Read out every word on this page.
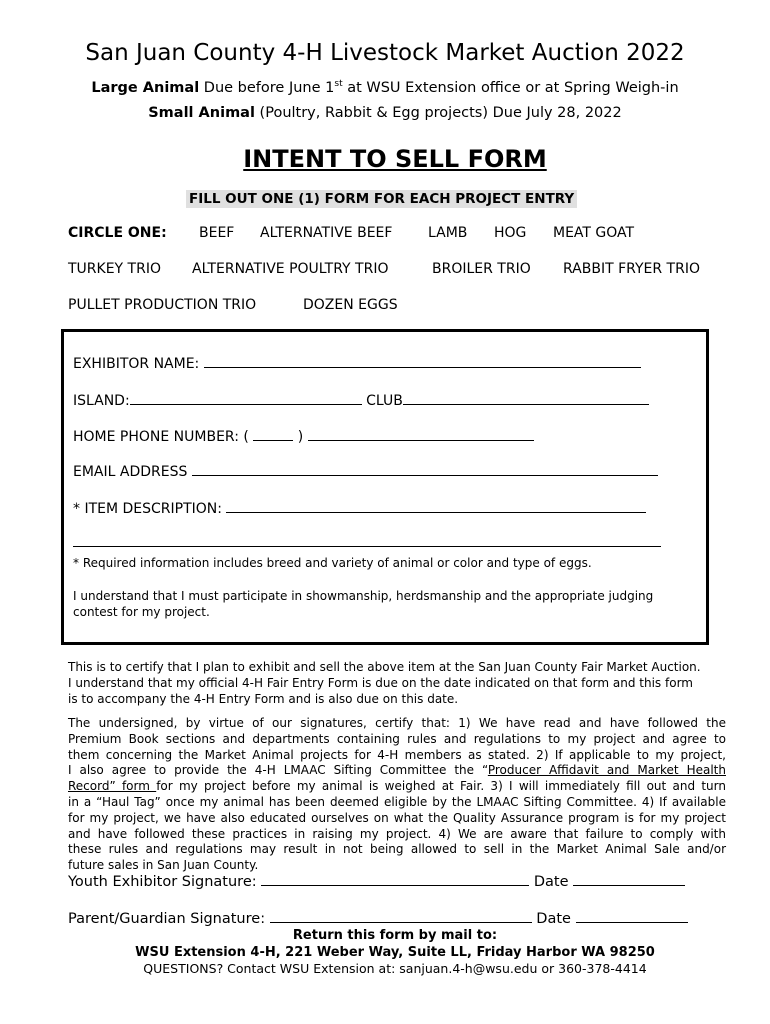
San Juan County 4-H Livestock Market Auction 2022
Large Animal Due before June 1st at WSU Extension office or at Spring Weigh-in
Small Animal (Poultry, Rabbit & Egg projects) Due July 28, 2022
INTENT TO SELL FORM
FILL OUT ONE (1) FORM FOR EACH PROJECT ENTRY
CIRCLE ONE: BEEF ALTERNATIVE BEEF	LAMB HOG MEAT GOAT
TURKEY TRIO ALTERNATIVE POULTRY TRIO	BROILER TRIO RABBIT FRYER TRIO
PULLET PRODUCTION TRIO	DOZEN EGGS
EXHIBITOR NAME:
ISLAND:	CLUB
HOME PHONE NUMBER: (	)
EMAIL ADDRESS
* ITEM DESCRIPTION:
* Required information includes breed and variety of animal or color and type of eggs.
I understand that I must participate in showmanship, herdsmanship and the appropriate judging
contest for my project.
This is to certify that I plan to exhibit and sell the above item at the San Juan County Fair Market Auction.
I understand that my official 4-H Fair Entry Form is due on the date indicated on that form and this form
is to accompany the 4-H Entry Form and is also due on this date.
The undersigned, by virtue of our signatures, certify that: 1) We have read and have followed the
Premium Book sections and departments containing rules and regulations to my project and agree to
them concerning the Market Animal projects for 4-H members as stated. 2) If applicable to my project,
I also agree to provide the 4-H LMAAC Sifting Committee the “Producer Affidavit and Market Health
Record” form for my project before my animal is weighed at Fair. 3) I will immediately fill out and turn
in a “Haul Tag” once my animal has been deemed eligible by the LMAAC Sifting Committee. 4) If available
for my project, we have also educated ourselves on what the Quality Assurance program is for my project
and have followed these practices in raising my project. 4) We are aware that failure to comply with
these rules and regulations may result in not being allowed to sell in the Market Animal Sale and/or
future sales in San Juan County.
Youth Exhibitor Signature:	Date
Parent/Guardian Signature:	Date
Return this form by mail to:
WSU Extension 4-H, 221 Weber Way, Suite LL, Friday Harbor WA 98250
QUESTIONS? Contact WSU Extension at: sanjuan.4-h@wsu.edu or 360-378-4414
